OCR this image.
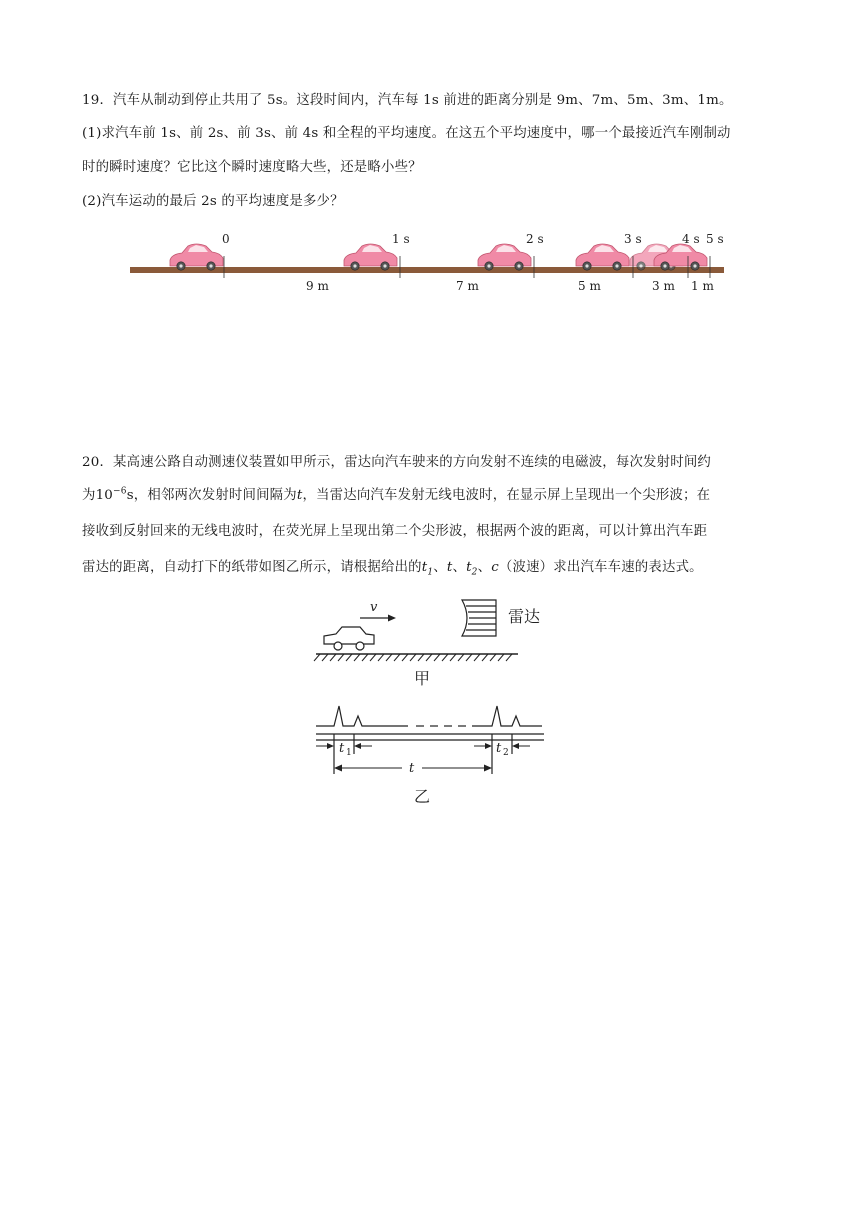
19．汽车从制动到停止共用了 5s。这段时间内，汽车每 1s 前进的距离分别是 9m、7m、5m、3m、1m。
(1)求汽车前 1s、前 2s、前 3s、前 4s 和全程的平均速度。在这五个平均速度中，哪一个最接近汽车刚制动
时的瞬时速度？它比这个瞬时速度略大些，还是略小些？
(2)汽车运动的最后 2s 的平均速度是多少？
0	1 s	2 s	3 s	4 s 5 s
9 m	7 m	5 m	3 m 1 m
20．某高速公路自动测速仪装置如甲所示，雷达向汽车驶来的方向发射不连续的电磁波，每次发射时间约
为$10^{-6}s$，相邻两次发射时间间隔为t，当雷达向汽车发射无线电波时，在显示屏上呈现出一个尖形波；在
接收到反射回来的无线电波时，在荧光屏上呈现出第二个尖形波，根据两个波的距离，可以计算出汽车距
雷达的距离，自动打下的纸带如图乙所示，请根据给出的$t_1$、t、$t_2$、c（波速）求出汽车车速的表达式。
v	雷达
甲
t 1	t 2
t
乙
